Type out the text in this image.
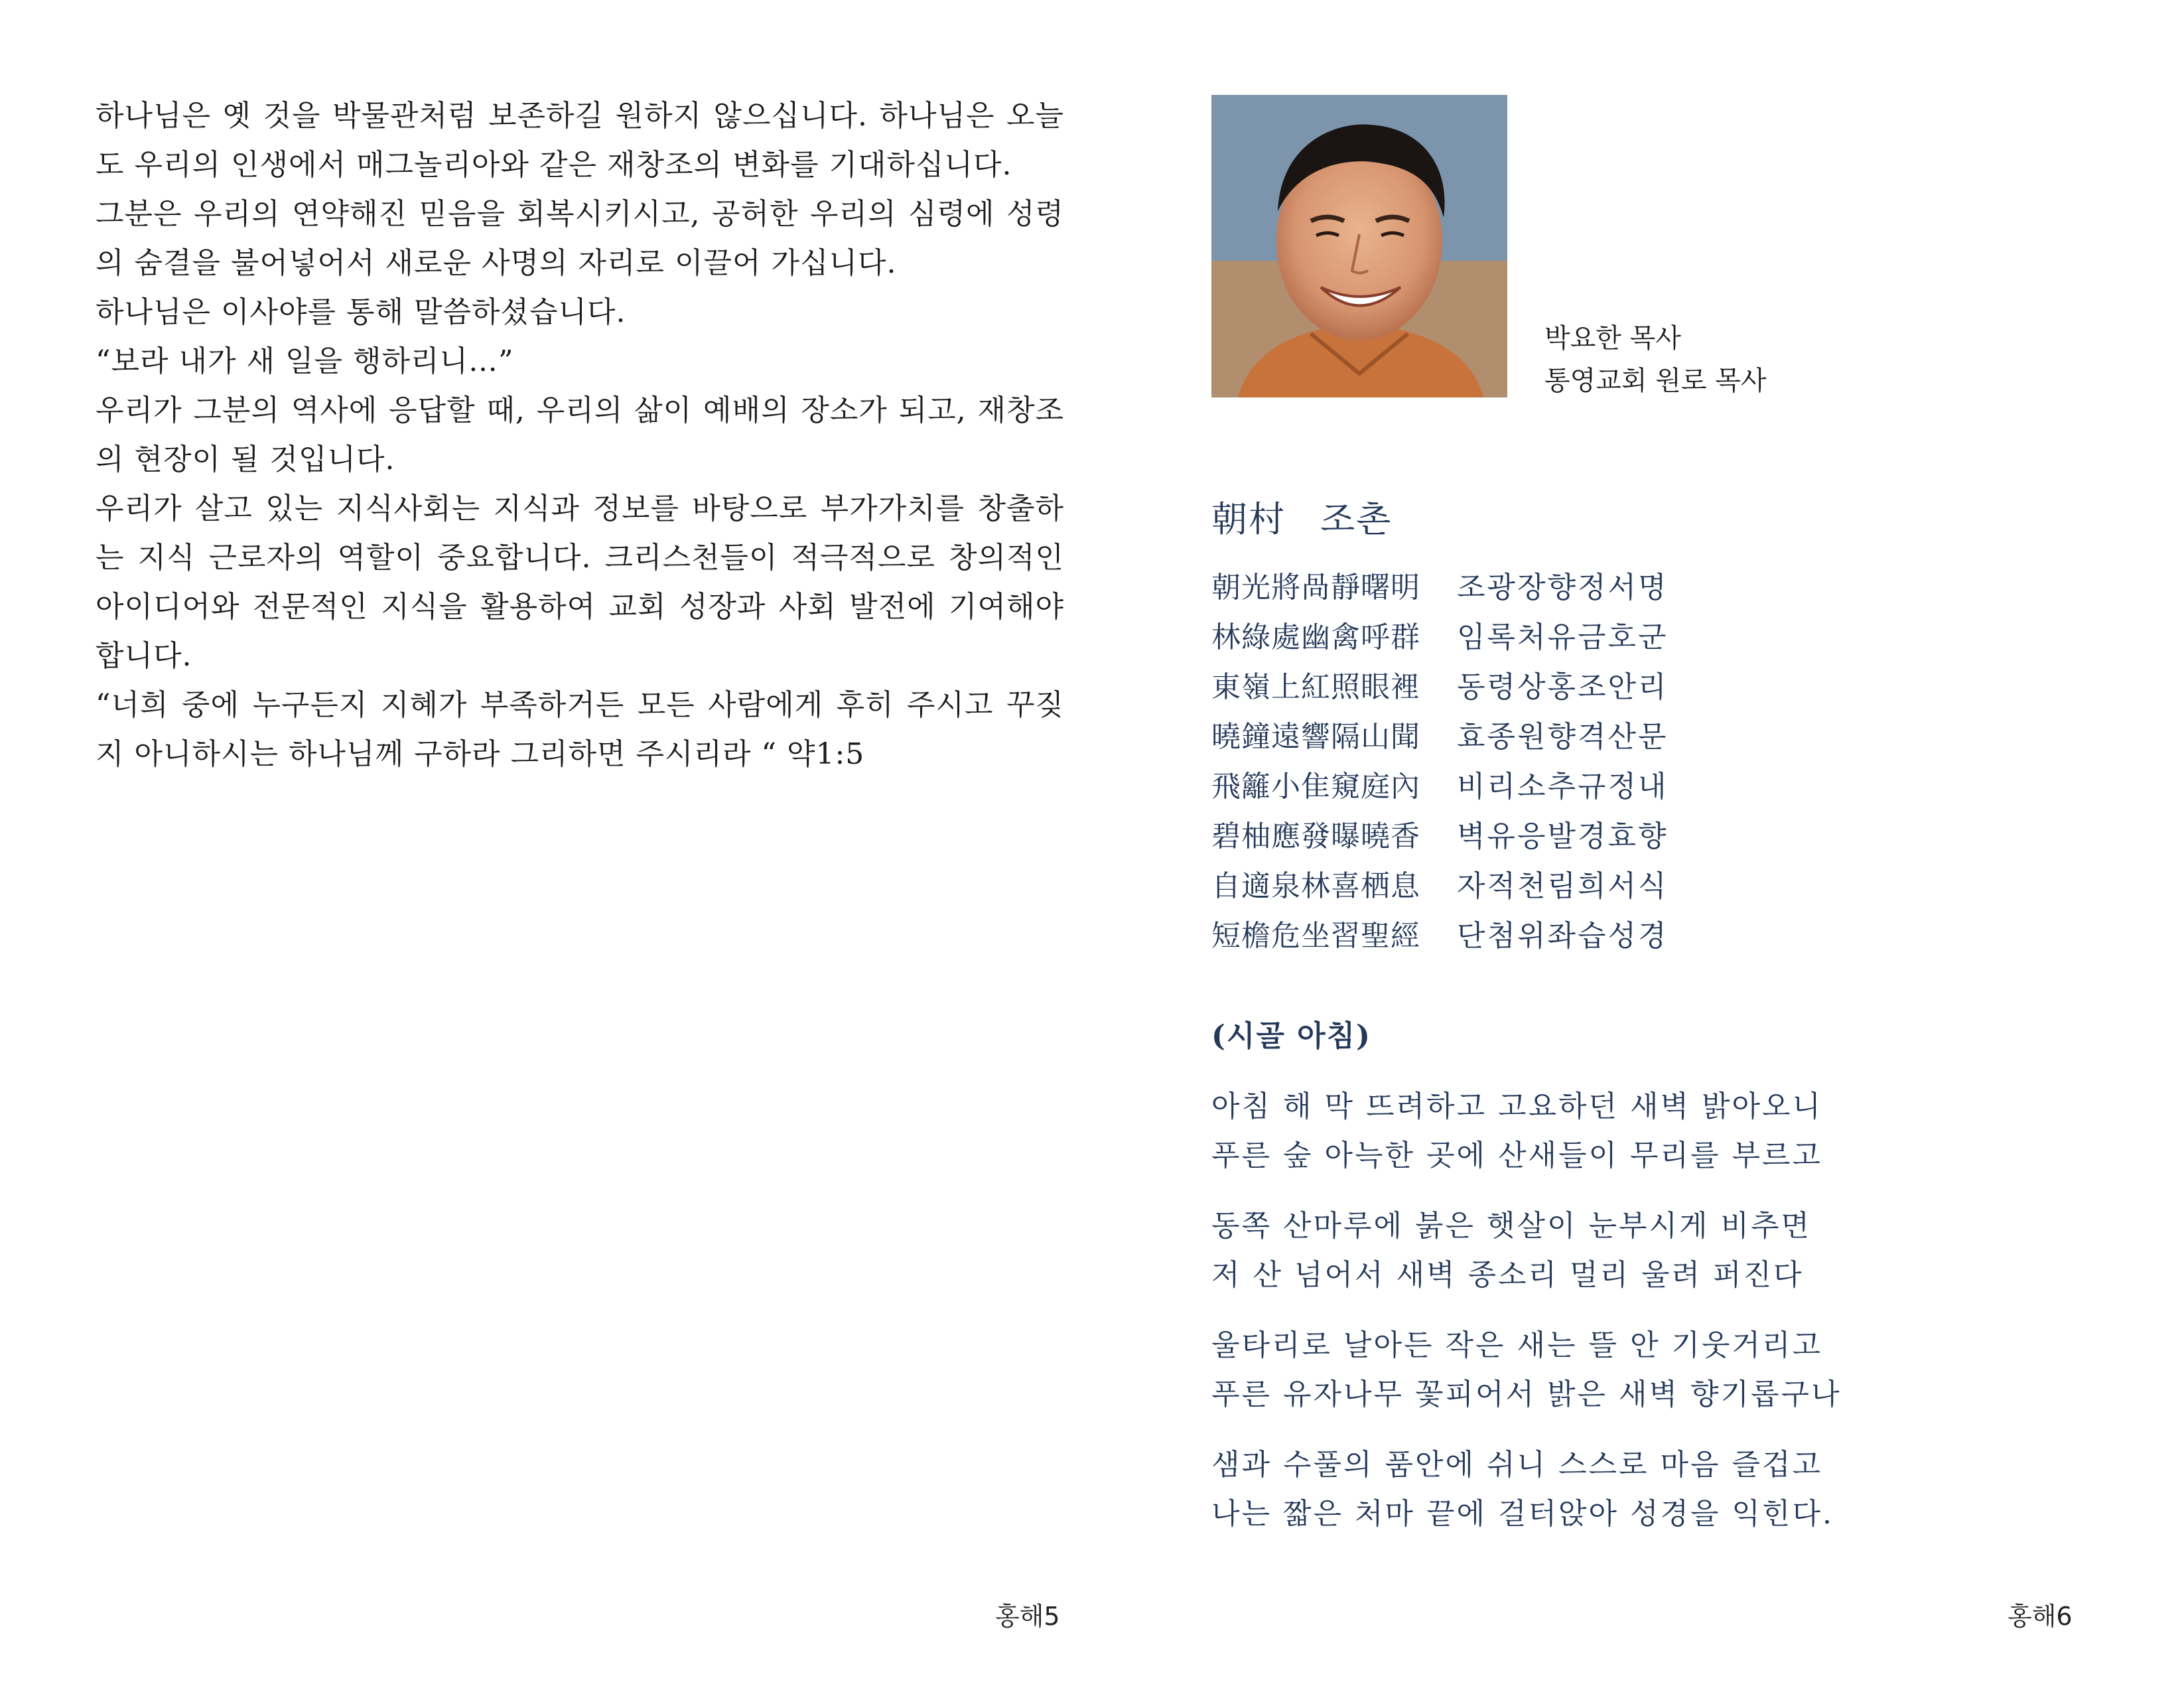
하나님은 옛 것을 박물관처럼 보존하길 원하지 않으십니다. 하나님은 오늘도 우리의 인생에서 매그놀리아와 같은 재창조의 변화를 기대하십니다.

그분은 우리의 연약해진 믿음을 회복시키시고, 공허한 우리의 심령에 성령의 숨결을 불어넣어서 새로운 사명의 자리로 이끌어 가십니다.

하나님은 이사야를 통해 말씀하셨습니다.

“보라 내가 새 일을 행하리니…”

우리가 그분의 역사에 응답할 때, 우리의 삶이 예배의 장소가 되고, 재창조의 현장이 될 것입니다.

우리가 살고 있는 지식사회는 지식과 정보를 바탕으로 부가가치를 창출하는 지식 근로자의 역할이 중요합니다. 크리스천들이 적극적으로 창의적인 아이디어와 전문적인 지식을 활용하여 교회 성장과 사회 발전에 기여해야 합니다.

“너희 중에 누구든지 지혜가 부족하거든 모든 사람에게 후히 주시고 꾸짖지 아니하시는 하나님께 구하라 그리하면 주시리라 “ 약1:5

홍해5
박요한 목사
통영교회 원로 목사
朝村 조촌
朝光將咼靜曙明 조광장향정서명
林綠處幽禽呼群 임록처유금호군
東嶺上紅照眼裡 동령상홍조안리
曉鐘遠響隔山聞 효종원향격산문
飛籬小隹窺庭內 비리소추규정내
碧柚應發曝曉香 벽유응발경효향
自適泉林喜栖息 자적천림희서식
短檐危坐習聖經 단첨위좌습성경
(시골 아침)
아침 해 막 뜨려하고 고요하던 새벽 밝아오니
푸른 숲 아늑한 곳에 산새들이 무리를 부르고
동쪽 산마루에 붉은 햇살이 눈부시게 비추면
저 산 넘어서 새벽 종소리 멀리 울려 퍼진다
울타리로 날아든 작은 새는 뜰 안 기웃거리고
푸른 유자나무 꽃피어서 밝은 새벽 향기롭구나
샘과 수풀의 품안에 쉬니 스스로 마음 즐겁고
나는 짧은 처마 끝에 걸터앉아 성경을 익힌다.
홍해6
